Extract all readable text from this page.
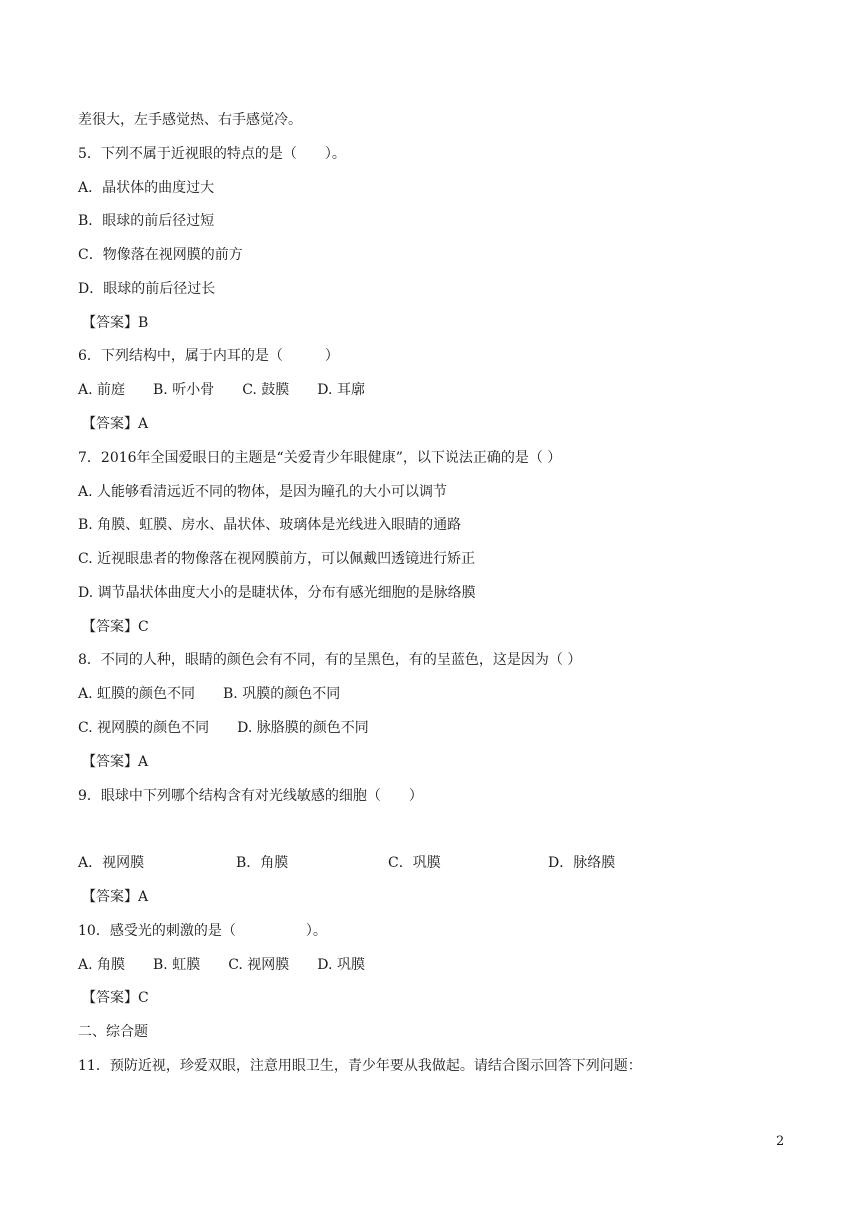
差很大，左手感觉热、右手感觉冷。
5．下列不属于近视眼的特点的是（　　）。
A．晶状体的曲度过大
B．眼球的前后径过短
C．物像落在视网膜的前方
D．眼球的前后径过长
【答案】B
6．下列结构中，属于内耳的是（　　　）
A. 前庭　　B. 听小骨　　C. 鼓膜　　D. 耳廓
【答案】A
7．2016年全国爱眼日的主题是“关爱青少年眼健康”，以下说法正确的是（ ）
A. 人能够看清远近不同的物体，是因为瞳孔的大小可以调节
B. 角膜、虹膜、房水、晶状体、玻璃体是光线进入眼睛的通路
C. 近视眼患者的物像落在视网膜前方，可以佩戴凹透镜进行矫正
D. 调节晶状体曲度大小的是睫状体，分布有感光细胞的是脉络膜
【答案】C
8．不同的人种，眼睛的颜色会有不同，有的呈黑色，有的呈蓝色，这是因为（ ）
A. 虹膜的颜色不同　　B. 巩膜的颜色不同
C. 视网膜的颜色不同　　D. 脉胳膜的颜色不同
【答案】A
9．眼球中下列哪个结构含有对光线敏感的细胞（　　）
A．视网膜	B．角膜	C．巩膜	D．脉络膜
【答案】A
10．感受光的刺激的是（　　　　　）。
A. 角膜　　B. 虹膜　　C. 视网膜　　D. 巩膜
【答案】C
二、综合题
11．预防近视，珍爱双眼，注意用眼卫生，青少年要从我做起。请结合图示回答下列问题：
2
